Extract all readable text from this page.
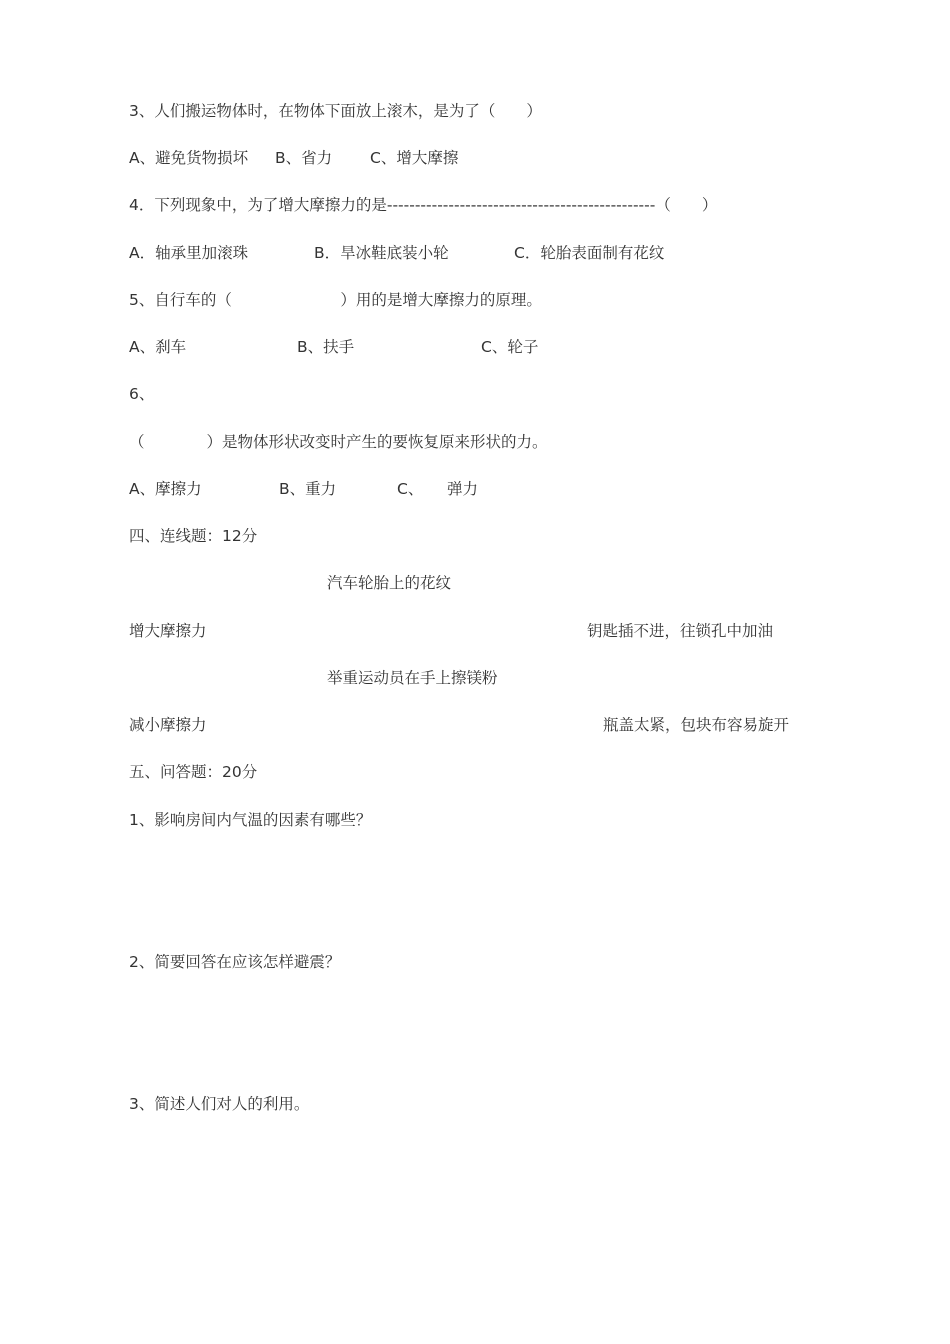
3、人们搬运物体时，在物体下面放上滚木，是为了（　　）
A、避免货物损坏 B、省力 C、增大摩擦
4．下列现象中，为了增大摩擦力的是------------------------------------------------（　　）
A．轴承里加滚珠	B．旱冰鞋底装小轮	C．轮胎表面制有花纹
5、自行车的（　　　　　　　）用的是增大摩擦力的原理。
A、刹车	B、扶手	C、轮子
6、
（　　　　）是物体形状改变时产生的要恢复原来形状的力。
A、摩擦力	B、重力	C、 弹力
四、连线题：12分
汽车轮胎上的花纹
增大摩擦力	钥匙插不进，往锁孔中加油
举重运动员在手上擦镁粉
减小摩擦力	瓶盖太紧，包块布容易旋开
五、问答题：20分
1、影响房间内气温的因素有哪些？
2、简要回答在应该怎样避震？
3、简述人们对人的利用。
